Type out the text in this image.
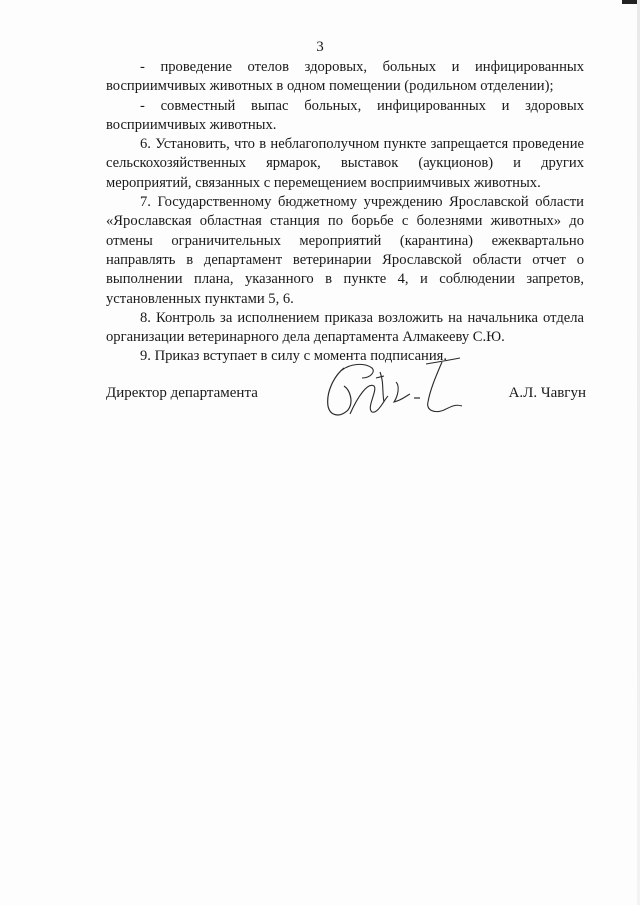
3

- проведение отелов здоровых, больных и инфицированных восприимчивых животных в одном помещении (родильном отделении);

- совместный выпас больных, инфицированных и здоровых восприимчивых животных.

6. Установить, что в неблагополучном пункте запрещается проведение сельскохозяйственных ярмарок, выставок (аукционов) и других мероприятий, связанных с перемещением восприимчивых животных.

7. Государственному бюджетному учреждению Ярославской области «Ярославская областная станция по борьбе с болезнями животных» до отмены ограничительных мероприятий (карантина) ежеквартально направлять в департамент ветеринарии Ярославской области отчет о выполнении плана, указанного в пункте 4, и соблюдении запретов, установленных пунктами 5, 6.

8. Контроль за исполнением приказа возложить на начальника отдела организации ветеринарного дела департамента Алмакееву С.Ю.

9. Приказ вступает в силу с момента подписания.

Директор департамента	А.Л. Чавгун
